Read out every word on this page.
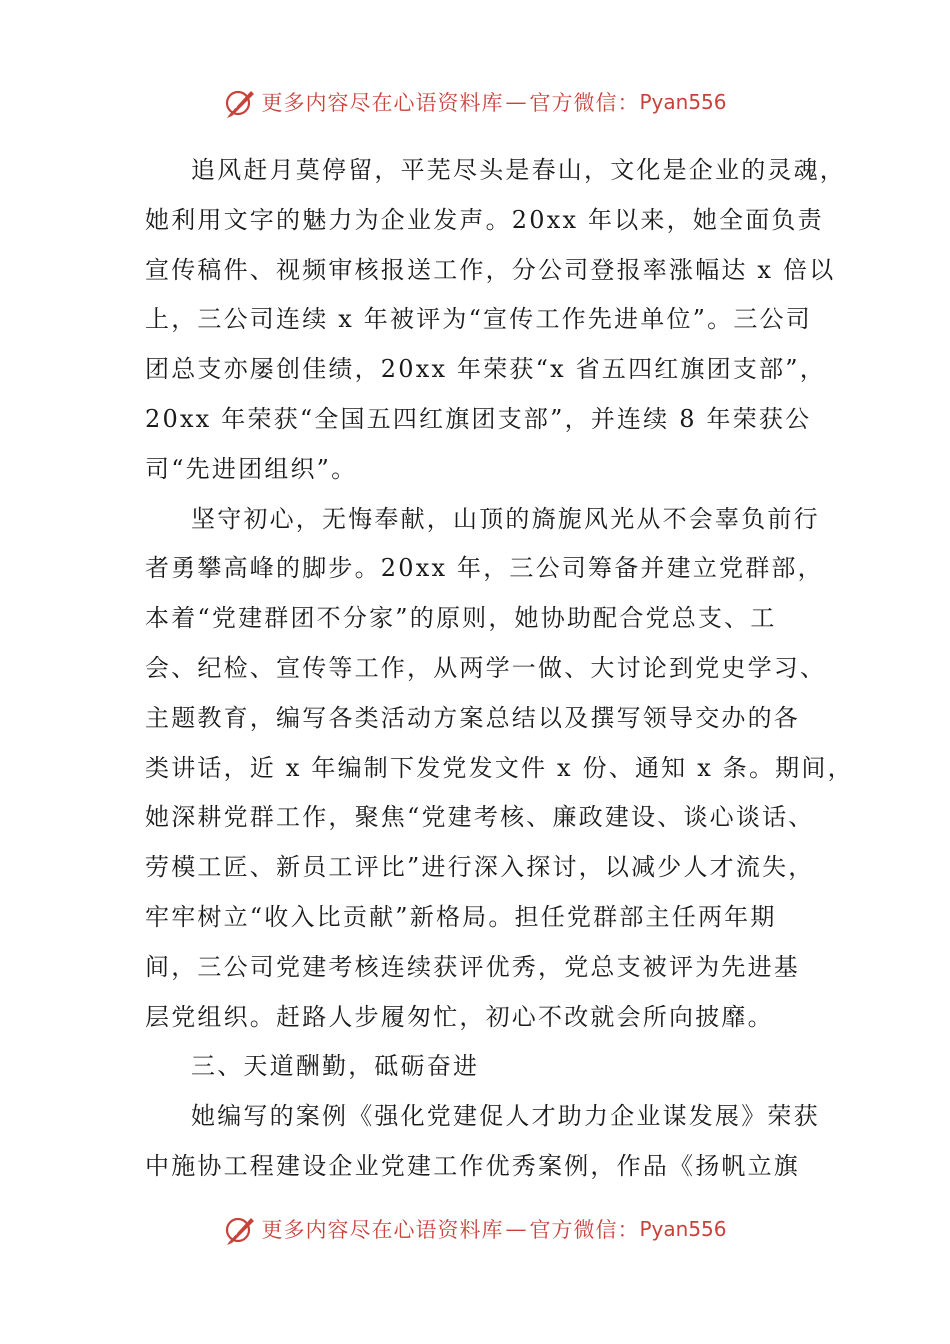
更多内容尽在心语资料库 — 官方微信： Pyan556
追风赶月莫停留，平芜尽头是春山，文化是企业的灵魂，
她利用文字的魅力为企业发声。20xx 年以来，她全面负责
宣传稿件、视频审核报送工作，分公司登报率涨幅达 x 倍以
上，三公司连续 x 年被评为“宣传工作先进单位”。三公司
团总支亦屡创佳绩，20xx 年荣获“x 省五四红旗团支部”，
20xx 年荣获“全国五四红旗团支部”，并连续 8 年荣获公
司“先进团组织”。
坚守初心，无悔奉献，山顶的旖旎风光从不会辜负前行
者勇攀高峰的脚步。20xx 年，三公司筹备并建立党群部，
本着“党建群团不分家”的原则，她协助配合党总支、工
会、纪检、宣传等工作，从两学一做、大讨论到党史学习、
主题教育，编写各类活动方案总结以及撰写领导交办的各
类讲话，近 x 年编制下发党发文件 x 份、通知 x 条。期间，
她深耕党群工作，聚焦“党建考核、廉政建设、谈心谈话、
劳模工匠、新员工评比”进行深入探讨，以减少人才流失，
牢牢树立“收入比贡献”新格局。担任党群部主任两年期
间，三公司党建考核连续获评优秀，党总支被评为先进基
层党组织。赶路人步履匆忙，初心不改就会所向披靡。
三、天道酬勤，砥砺奋进
她编写的案例《强化党建促人才助力企业谋发展》荣获
中施协工程建设企业党建工作优秀案例，作品《扬帆立旗
更多内容尽在心语资料库 — 官方微信： Pyan556
